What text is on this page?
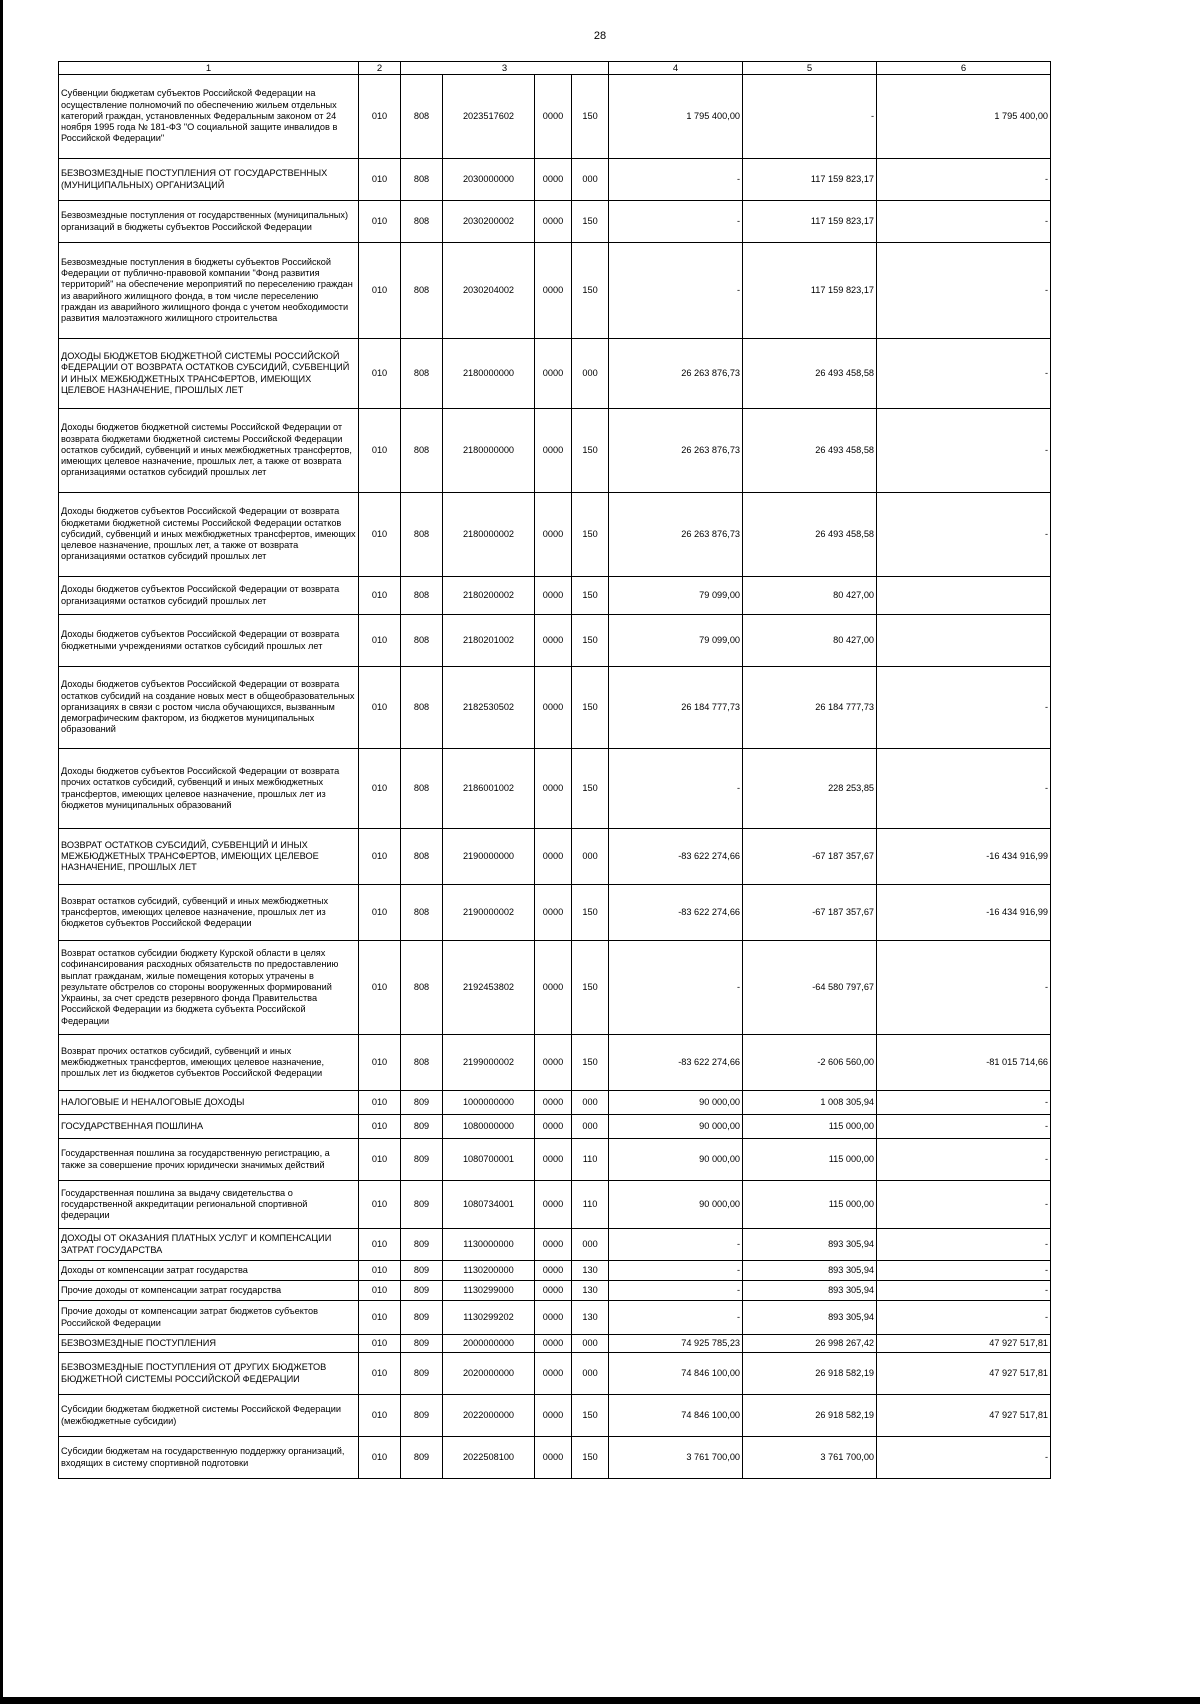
28
1	2	3				4	5	6
Субвенции бюджетам субъектов Российской Федерации на осуществление полномочий по обеспечению жильем отдельных категорий граждан, установленных Федеральным законом от 24 ноября 1995 года № 181-ФЗ "О социальной защите инвалидов в Российской Федерации"	010	808	2023517602	0000	150	1 795 400,00	-	1 795 400,00
БЕЗВОЗМЕЗДНЫЕ ПОСТУПЛЕНИЯ ОТ ГОСУДАРСТВЕННЫХ (МУНИЦИПАЛЬНЫХ) ОРГАНИЗАЦИЙ	010	808	2030000000	0000	000	-	117 159 823,17	-
Безвозмездные поступления от государственных (муниципальных) организаций в бюджеты субъектов Российской Федерации	010	808	2030200002	0000	150	-	117 159 823,17	-
Безвозмездные поступления в бюджеты субъектов Российской Федерации от публично-правовой компании "Фонд развития территорий" на обеспечение мероприятий по переселению граждан из аварийного жилищного фонда, в том числе переселению граждан из аварийного жилищного фонда с учетом необходимости развития малоэтажного жилищного строительства	010	808	2030204002	0000	150	-	117 159 823,17	-
ДОХОДЫ БЮДЖЕТОВ БЮДЖЕТНОЙ СИСТЕМЫ РОССИЙСКОЙ ФЕДЕРАЦИИ ОТ ВОЗВРАТА ОСТАТКОВ СУБСИДИЙ, СУБВЕНЦИЙ И ИНЫХ МЕЖБЮДЖЕТНЫХ ТРАНСФЕРТОВ, ИМЕЮЩИХ ЦЕЛЕВОЕ НАЗНАЧЕНИЕ, ПРОШЛЫХ ЛЕТ	010	808	2180000000	0000	000	26 263 876,73	26 493 458,58	-
Доходы бюджетов бюджетной системы Российской Федерации от возврата бюджетами бюджетной системы Российской Федерации остатков субсидий, субвенций и иных межбюджетных трансфертов, имеющих целевое назначение, прошлых лет, а также от возврата организациями остатков субсидий прошлых лет	010	808	2180000000	0000	150	26 263 876,73	26 493 458,58	-
Доходы бюджетов субъектов Российской Федерации от возврата бюджетами бюджетной системы Российской Федерации остатков субсидий, субвенций и иных межбюджетных трансфертов, имеющих целевое назначение, прошлых лет, а также от возврата организациями остатков субсидий прошлых лет	010	808	2180000002	0000	150	26 263 876,73	26 493 458,58	-
Доходы бюджетов субъектов Российской Федерации от возврата организациями остатков субсидий прошлых лет	010	808	2180200002	0000	150	79 099,00	80 427,00	
Доходы бюджетов субъектов Российской Федерации от возврата бюджетными учреждениями остатков субсидий прошлых лет	010	808	2180201002	0000	150	79 099,00	80 427,00	
Доходы бюджетов субъектов Российской Федерации от возврата остатков субсидий на создание новых мест в общеобразовательных организациях в связи с ростом числа обучающихся, вызванным демографическим фактором, из бюджетов муниципальных образований	010	808	2182530502	0000	150	26 184 777,73	26 184 777,73	-
Доходы бюджетов субъектов Российской Федерации от возврата прочих остатков субсидий, субвенций и иных межбюджетных трансфертов, имеющих целевое назначение, прошлых лет из бюджетов муниципальных образований	010	808	2186001002	0000	150	-	228 253,85	-
ВОЗВРАТ ОСТАТКОВ СУБСИДИЙ, СУБВЕНЦИЙ И ИНЫХ МЕЖБЮДЖЕТНЫХ ТРАНСФЕРТОВ, ИМЕЮЩИХ ЦЕЛЕВОЕ НАЗНАЧЕНИЕ, ПРОШЛЫХ ЛЕТ	010	808	2190000000	0000	000	-83 622 274,66	-67 187 357,67	-16 434 916,99
Возврат остатков субсидий, субвенций и иных межбюджетных трансфертов, имеющих целевое назначение, прошлых лет из бюджетов субъектов Российской Федерации	010	808	2190000002	0000	150	-83 622 274,66	-67 187 357,67	-16 434 916,99
Возврат остатков субсидии бюджету Курской области в целях софинансирования расходных обязательств по предоставлению выплат гражданам, жилые помещения которых утрачены в результате обстрелов со стороны вооруженных формирований Украины, за счет средств резервного фонда Правительства Российской Федерации из бюджета субъекта Российской Федерации	010	808	2192453802	0000	150	-	-64 580 797,67	-
Возврат прочих остатков субсидий, субвенций и иных межбюджетных трансфертов, имеющих целевое назначение, прошлых лет из бюджетов субъектов Российской Федерации	010	808	2199000002	0000	150	-83 622 274,66	-2 606 560,00	-81 015 714,66
НАЛОГОВЫЕ И НЕНАЛОГОВЫЕ ДОХОДЫ	010	809	1000000000	0000	000	90 000,00	1 008 305,94	-
ГОСУДАРСТВЕННАЯ ПОШЛИНА	010	809	1080000000	0000	000	90 000,00	115 000,00	-
Государственная пошлина за государственную регистрацию, а также за совершение прочих юридически значимых действий	010	809	1080700001	0000	110	90 000,00	115 000,00	-
Государственная пошлина за выдачу свидетельства о государственной аккредитации региональной спортивной федерации	010	809	1080734001	0000	110	90 000,00	115 000,00	-
ДОХОДЫ ОТ ОКАЗАНИЯ ПЛАТНЫХ УСЛУГ И КОМПЕНСАЦИИ ЗАТРАТ ГОСУДАРСТВА	010	809	1130000000	0000	000	-	893 305,94	-
Доходы от компенсации затрат государства	010	809	1130200000	0000	130	-	893 305,94	-
Прочие доходы от компенсации затрат государства	010	809	1130299000	0000	130	-	893 305,94	-
Прочие доходы от компенсации затрат бюджетов субъектов Российской Федерации	010	809	1130299202	0000	130	-	893 305,94	-
БЕЗВОЗМЕЗДНЫЕ ПОСТУПЛЕНИЯ	010	809	2000000000	0000	000	74 925 785,23	26 998 267,42	47 927 517,81
БЕЗВОЗМЕЗДНЫЕ ПОСТУПЛЕНИЯ ОТ ДРУГИХ БЮДЖЕТОВ БЮДЖЕТНОЙ СИСТЕМЫ РОССИЙСКОЙ ФЕДЕРАЦИИ	010	809	2020000000	0000	000	74 846 100,00	26 918 582,19	47 927 517,81
Субсидии бюджетам бюджетной системы Российской Федерации (межбюджетные субсидии)	010	809	2022000000	0000	150	74 846 100,00	26 918 582,19	47 927 517,81
Субсидии бюджетам на государственную поддержку организаций, входящих в систему спортивной подготовки	010	809	2022508100	0000	150	3 761 700,00	3 761 700,00	-
